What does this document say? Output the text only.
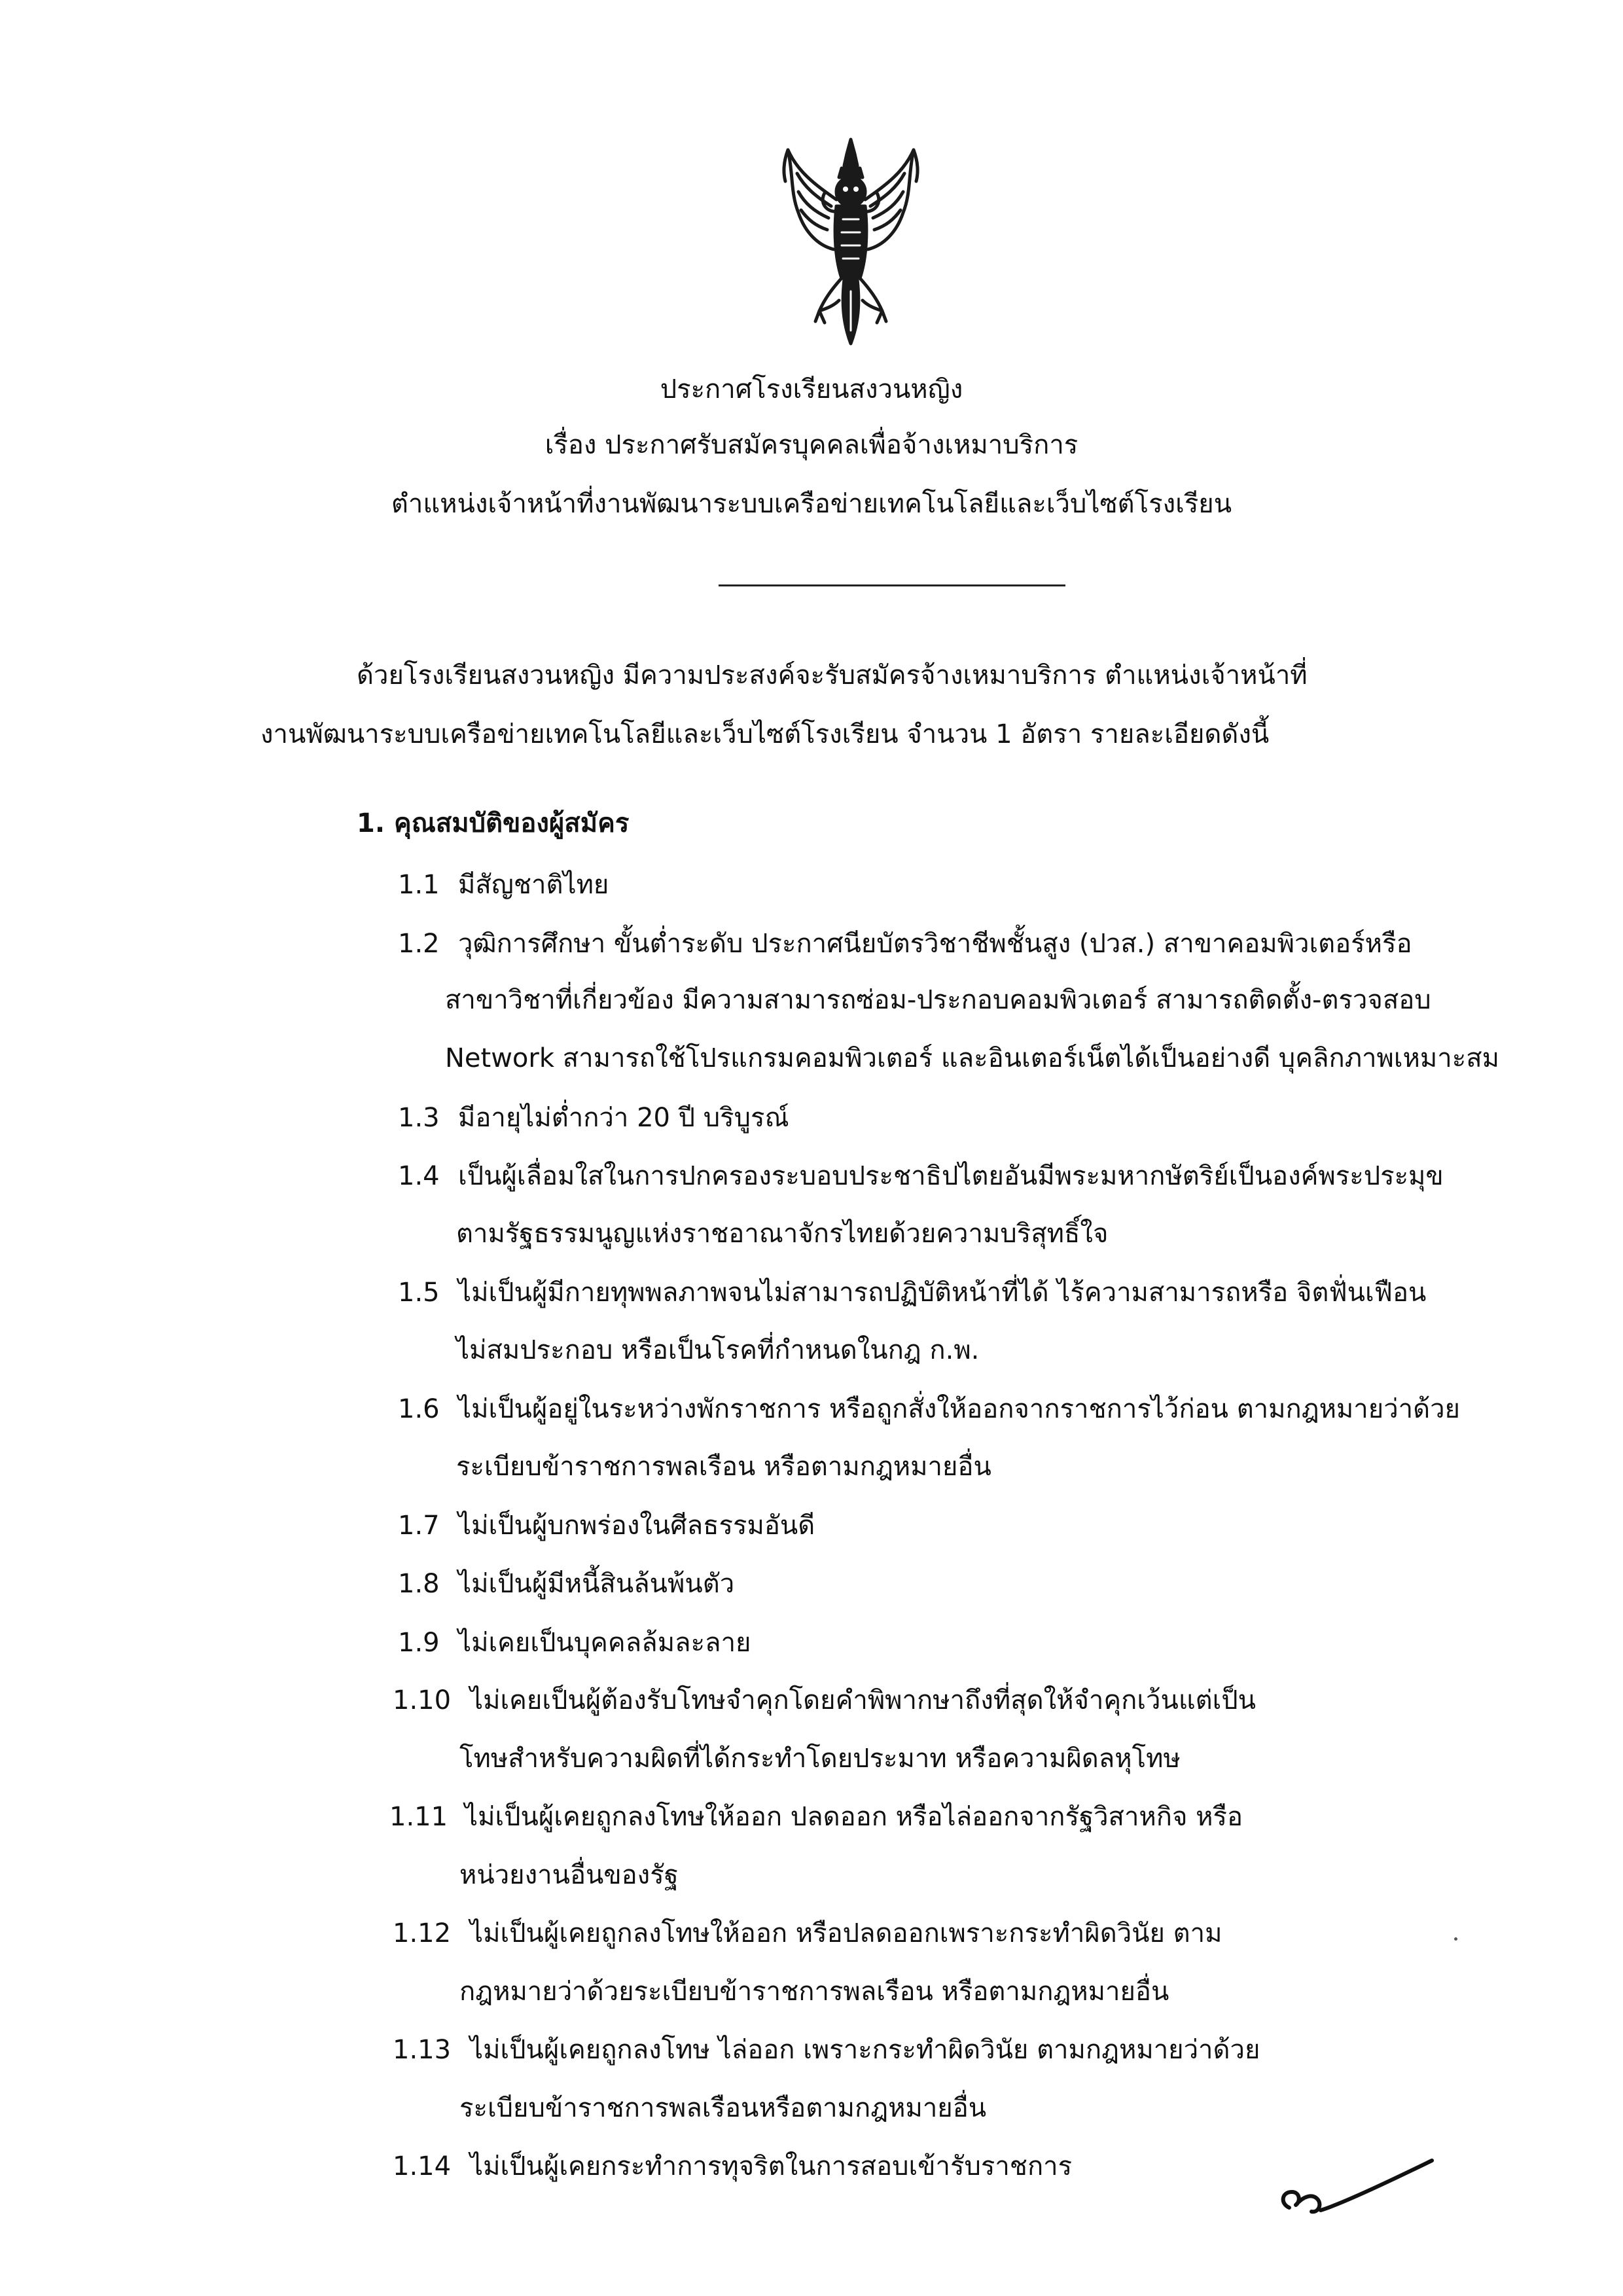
ประกาศโรงเรียนสงวนหญิง
เรื่อง ประกาศรับสมัครบุคคลเพื่อจ้างเหมาบริการ
ตำแหน่งเจ้าหน้าที่งานพัฒนาระบบเครือข่ายเทคโนโลยีและเว็บไซต์โรงเรียน
ด้วยโรงเรียนสงวนหญิง มีความประสงค์จะรับสมัครจ้างเหมาบริการ ตำแหน่งเจ้าหน้าที่
งานพัฒนาระบบเครือข่ายเทคโนโลยีและเว็บไซต์โรงเรียน จำนวน 1 อัตรา รายละเอียดดังนี้
1. คุณสมบัติของผู้สมัคร
1.1 มีสัญชาติไทย
1.2 วุฒิการศึกษา ขั้นต่ำระดับ ประกาศนียบัตรวิชาชีพชั้นสูง (ปวส.) สาขาคอมพิวเตอร์หรือ
สาขาวิชาที่เกี่ยวข้อง มีความสามารถซ่อม-ประกอบคอมพิวเตอร์ สามารถติดตั้ง-ตรวจสอบ
Network สามารถใช้โปรแกรมคอมพิวเตอร์ และอินเตอร์เน็ตได้เป็นอย่างดี บุคลิกภาพเหมาะสม
1.3 มีอายุไม่ต่ำกว่า 20 ปี บริบูรณ์
1.4 เป็นผู้เลื่อมใสในการปกครองระบอบประชาธิปไตยอันมีพระมหากษัตริย์เป็นองค์พระประมุข
ตามรัฐธรรมนูญแห่งราชอาณาจักรไทยด้วยความบริสุทธิ์ใจ
1.5 ไม่เป็นผู้มีกายทุพพลภาพจนไม่สามารถปฏิบัติหน้าที่ได้ ไร้ความสามารถหรือ จิตฟั่นเฟือน
ไม่สมประกอบ หรือเป็นโรคที่กำหนดในกฎ ก.พ.
1.6 ไม่เป็นผู้อยู่ในระหว่างพักราชการ หรือถูกสั่งให้ออกจากราชการไว้ก่อน ตามกฎหมายว่าด้วย
ระเบียบข้าราชการพลเรือน หรือตามกฎหมายอื่น
1.7 ไม่เป็นผู้บกพร่องในศีลธรรมอันดี
1.8 ไม่เป็นผู้มีหนี้สินล้นพ้นตัว
1.9 ไม่เคยเป็นบุคคลล้มละลาย
1.10 ไม่เคยเป็นผู้ต้องรับโทษจำคุกโดยคำพิพากษาถึงที่สุดให้จำคุกเว้นแต่เป็น
โทษสำหรับความผิดที่ได้กระทำโดยประมาท หรือความผิดลหุโทษ
1.11 ไม่เป็นผู้เคยถูกลงโทษให้ออก ปลดออก หรือไล่ออกจากรัฐวิสาหกิจ หรือ
หน่วยงานอื่นของรัฐ
1.12 ไม่เป็นผู้เคยถูกลงโทษให้ออก หรือปลดออกเพราะกระทำผิดวินัย ตาม
กฎหมายว่าด้วยระเบียบข้าราชการพลเรือน หรือตามกฎหมายอื่น
1.13 ไม่เป็นผู้เคยถูกลงโทษ ไล่ออก เพราะกระทำผิดวินัย ตามกฎหมายว่าด้วย
ระเบียบข้าราชการพลเรือนหรือตามกฎหมายอื่น
1.14 ไม่เป็นผู้เคยกระทำการทุจริตในการสอบเข้ารับราชการ
